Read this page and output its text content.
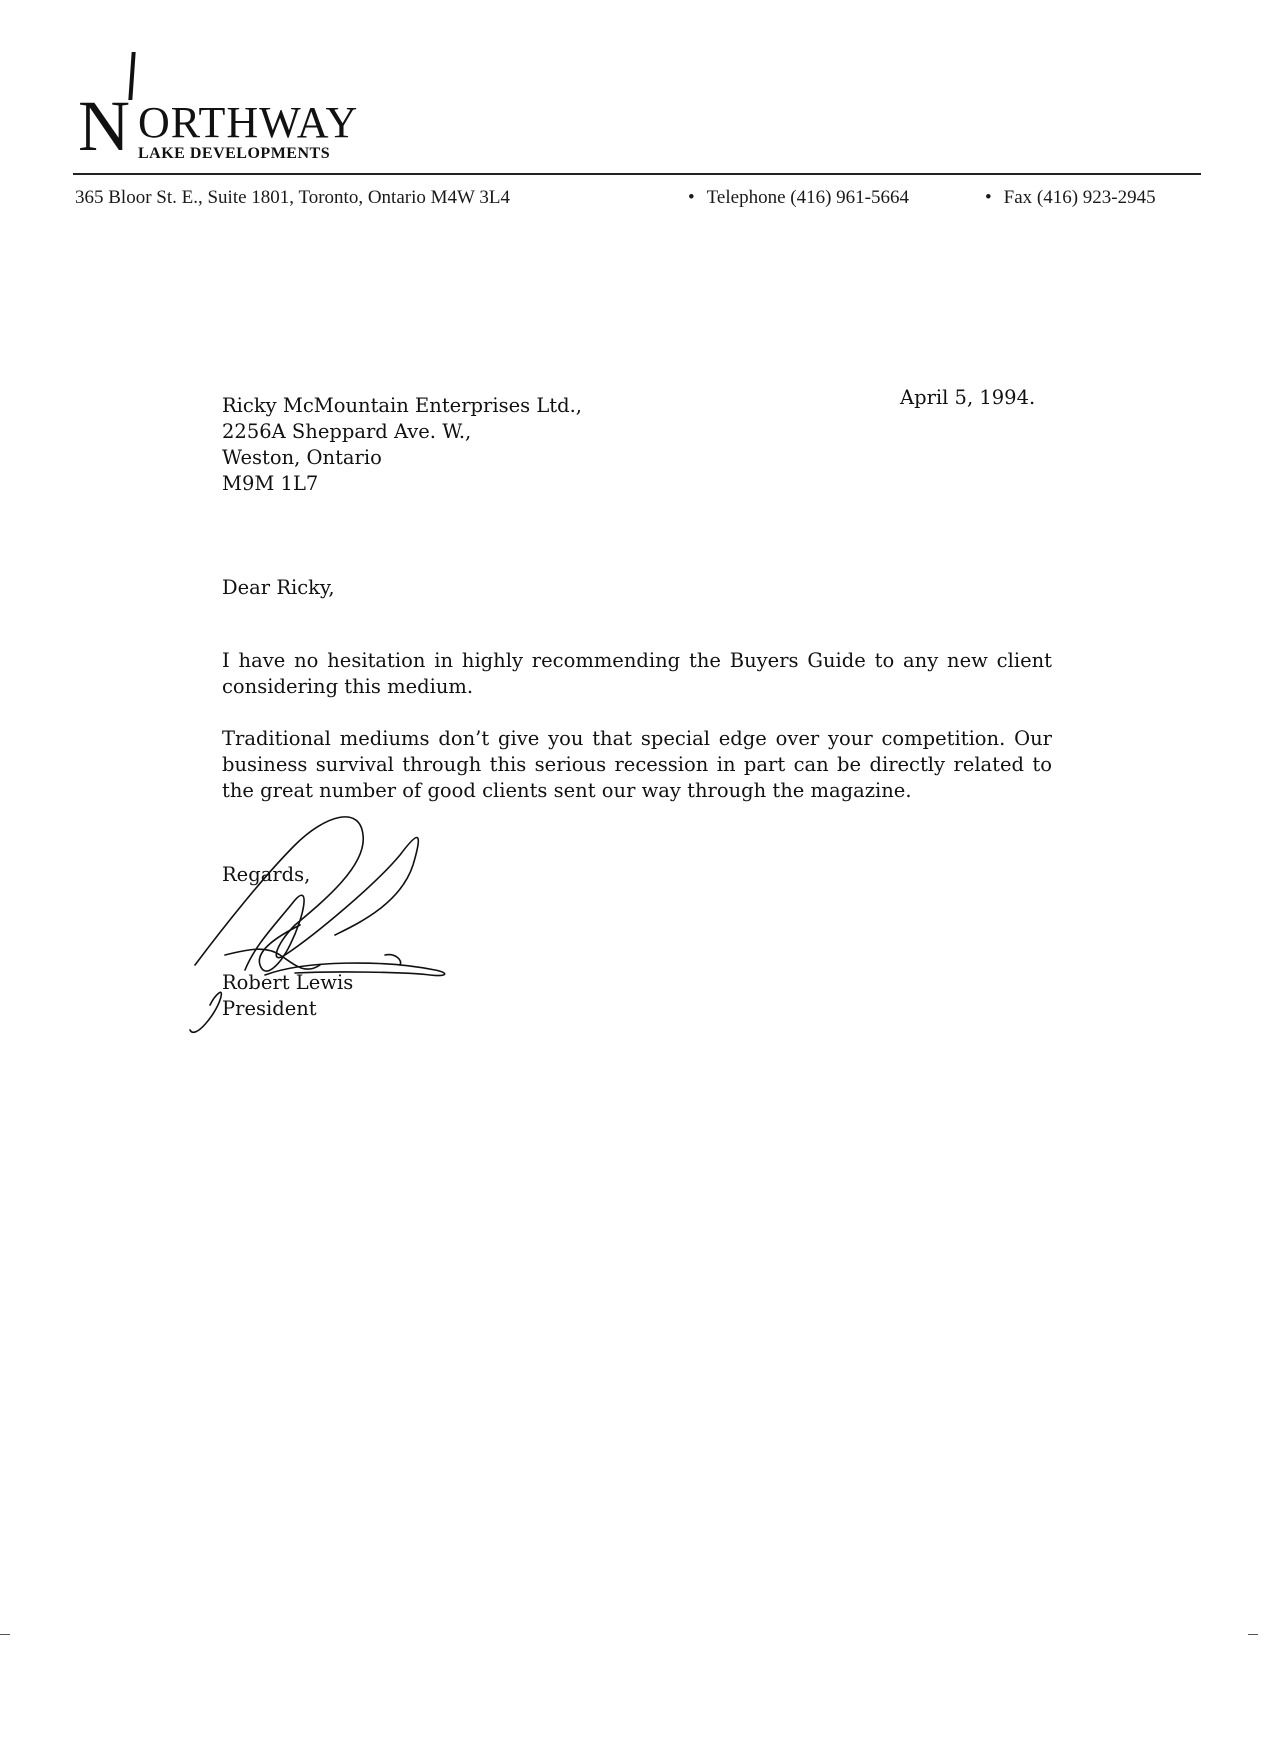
N ORTHWAY
LAKE DEVELOPMENTS
365 Bloor St. E., Suite 1801, Toronto, Ontario M4W 3L4	• Telephone (416) 961-5664	• Fax (416) 923-2945
Ricky McMountain Enterprises Ltd.,
2256A Sheppard Ave. W.,
Weston, Ontario
M9M 1L7
April 5, 1994.
Dear Ricky,
I have no hesitation in highly recommending the Buyers Guide to any new client considering this medium.
Traditional mediums don’t give you that special edge over your competition. Our business survival through this serious recession in part can be directly related to the great number of good clients sent our way through the magazine.
Regards,
Robert Lewis
President
